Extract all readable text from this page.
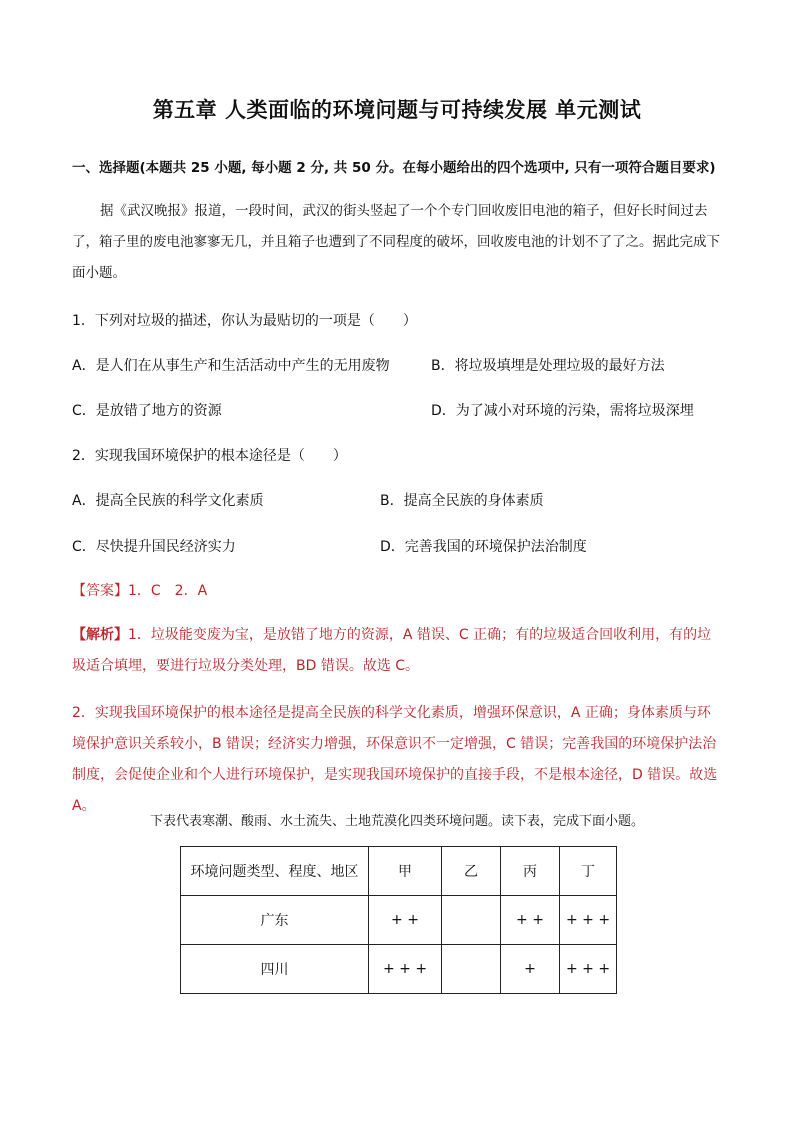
第五章 人类面临的环境问题与可持续发展 单元测试
一、选择题(本题共 25 小题, 每小题 2 分, 共 50 分。在每小题给出的四个选项中, 只有一项符合题目要求)
据《武汉晚报》报道，一段时间，武汉的街头竖起了一个个专门回收废旧电池的箱子，但好长时间过去了，箱子里的废电池寥寥无几，并且箱子也遭到了不同程度的破坏，回收废电池的计划不了了之。据此完成下面小题。
1．下列对垃圾的描述，你认为最贴切的一项是（　　）
A．是人们在从事生产和生活活动中产生的无用废物	B．将垃圾填埋是处理垃圾的最好方法
C．是放错了地方的资源	D．为了减小对环境的污染，需将垃圾深埋
2．实现我国环境保护的根本途径是（　　）
A．提高全民族的科学文化素质	B．提高全民族的身体素质
C．尽快提升国民经济实力	D．完善我国的环境保护法治制度
【答案】1．C　2．A
【解析】1．垃圾能变废为宝，是放错了地方的资源，A 错误、C 正确；有的垃圾适合回收利用，有的垃圾适合填埋，要进行垃圾分类处理，BD 错误。故选 C。
2．实现我国环境保护的根本途径是提高全民族的科学文化素质，增强环保意识，A 正确；身体素质与环境保护意识关系较小，B 错误；经济实力增强，环保意识不一定增强，C 错误；完善我国的环境保护法治制度，会促使企业和个人进行环境保护，是实现我国环境保护的直接手段，不是根本途径，D 错误。故选 A。
下表代表寒潮、酸雨、水土流失、土地荒漠化四类环境问题。读下表，完成下面小题。
环境问题类型、程度、地区	甲	乙	丙	丁
广东	+ +		+ +	+ + +
四川	+ + +		+	+ + +
